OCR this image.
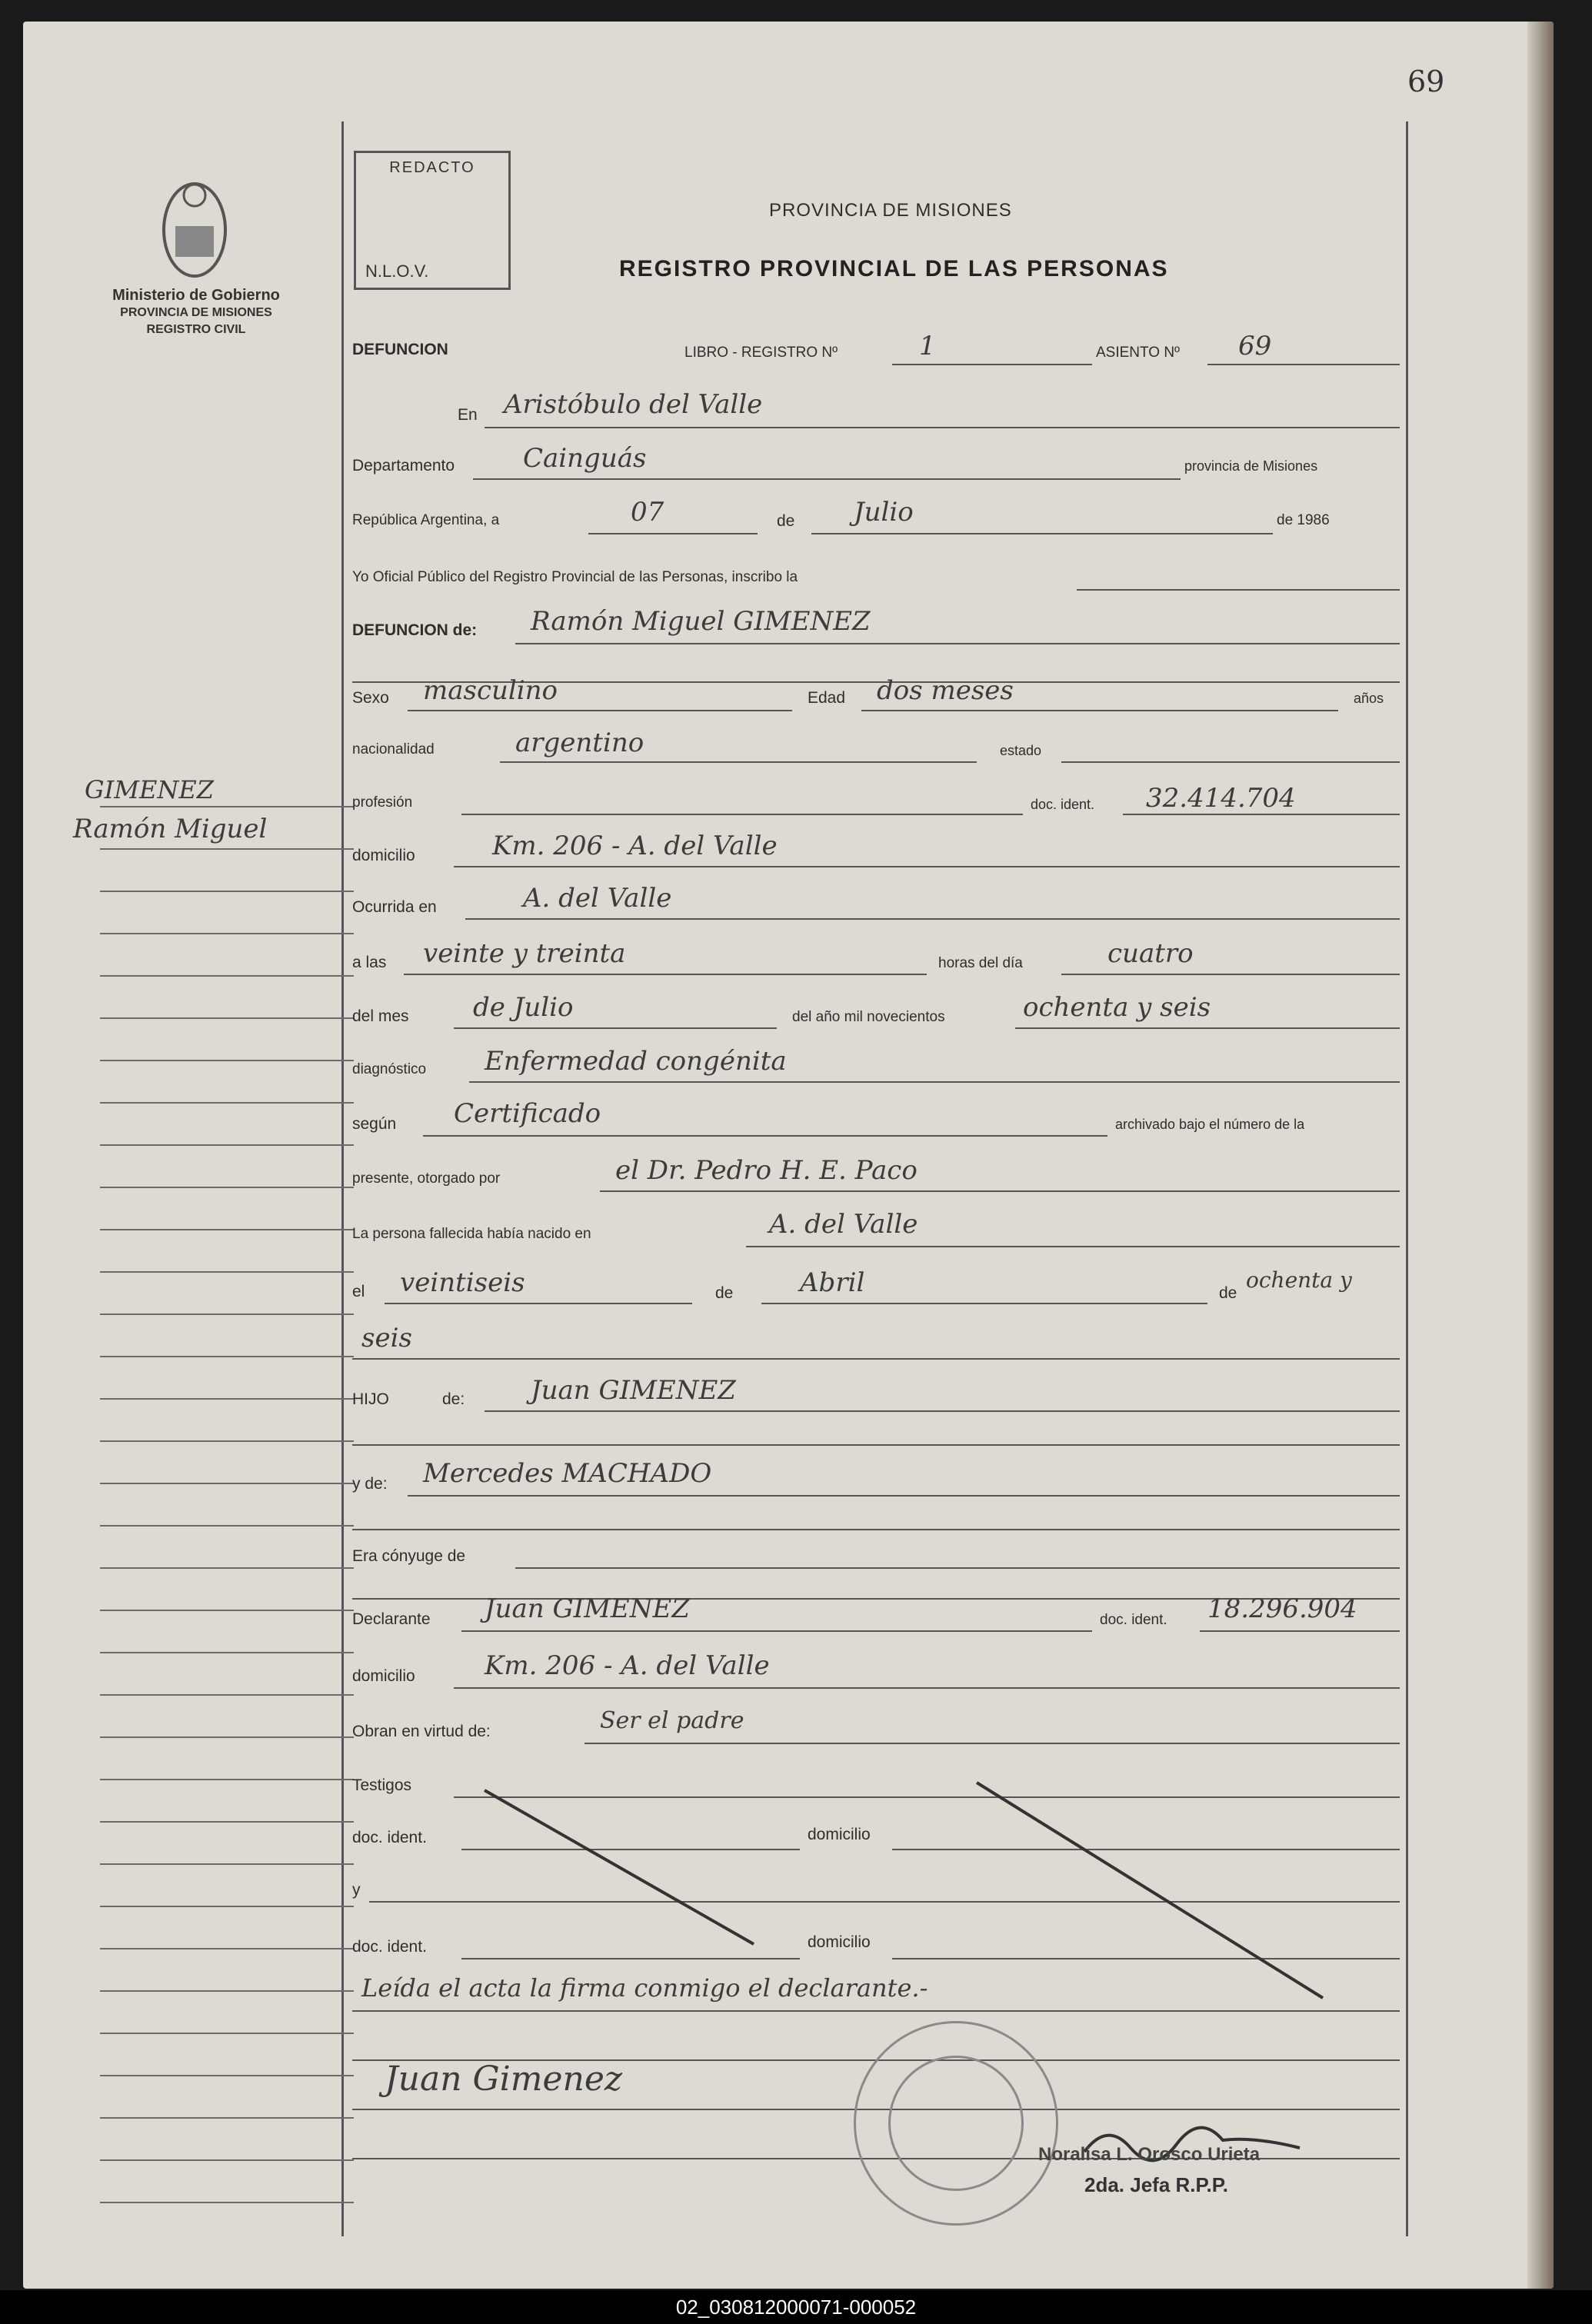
69
Ministerio de Gobierno
PROVINCIA DE MISIONES
REGISTRO CIVIL
REDACTO
N.L.O.V.
PROVINCIA DE MISIONES
REGISTRO PROVINCIAL DE LAS PERSONAS
GIMENEZ
Ramón Miguel
DEFUNCION	LIBRO - REGISTRO Nº	1	ASIENTO Nº 69
En Aristóbulo del Valle
Departamento	Cainguás	provincia de Misiones
República Argentina, a	07	de Julio	de 1986
Yo Oficial Público del Registro Provincial de las Personas, inscribo la
DEFUNCION de: Ramón Miguel GIMENEZ
Sexo masculino	Edad dos meses	años
nacionalidad	argentino	estado
profesión	doc. ident. 32.414.704
domicilio	Km. 206 - A. del Valle
Ocurrida en	A. del Valle
a las veinte y treinta	horas del día	cuatro
del mes de Julio	del año mil novecientos	ochenta y seis
diagnóstico Enfermedad congénita
según Certificado	archivado bajo el número de la
presente, otorgado por	el Dr. Pedro H. E. Paco
La persona fallecida había nacido en	A. del Valle
el veintiseis	de	Abril	de
ochenta y
seis
HIJO	de:	Juan GIMENEZ
y de: Mercedes MACHADO
Era cónyuge de
Declarante Juan GIMENEZ	doc. ident. 18.296.904
domicilio	Km. 206 - A. del Valle
Obran en virtud de:	Ser el padre
Testigos
doc. ident.	domicilio
y
doc. ident.	domicilio
Leída el acta la firma conmigo el declarante.-
Juan Gimenez
Noralisa L. Orosco Urieta
2da. Jefa R.P.P.
02_030812000071-000052
